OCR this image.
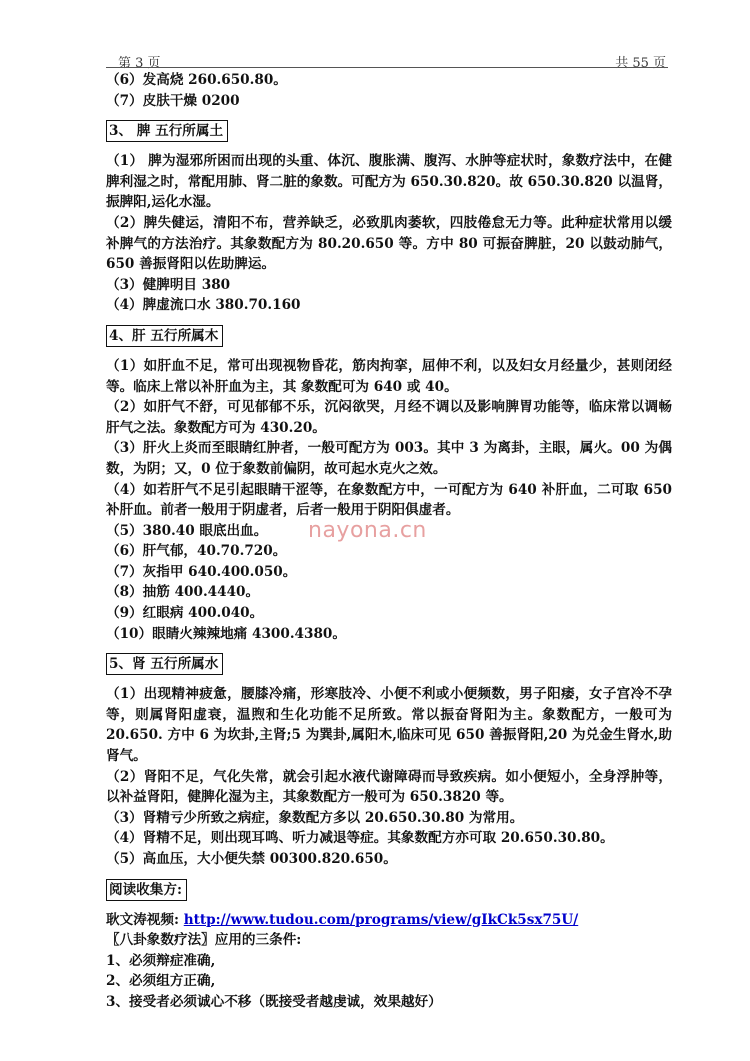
第 3 页	共 55 页
（6）发高烧 260.650.80。
（7）皮肤干燥 0200
3、 脾 五行所属土
（1） 脾为湿邪所困而出现的头重、体沉、腹胀满、腹泻、水肿等症状时，象数疗法中，在健脾利湿之时，常配用肺、肾二脏的象数。可配方为 650.30.820。故 650.30.820 以温肾，振脾阳,运化水湿。
（2）脾失健运，清阳不布，营养缺乏，必致肌肉萎软，四肢倦怠无力等。此种症状常用以缓补脾气的方法治疗。其象数配方为 80.20.650 等。方中 80 可振奋脾脏，20 以鼓动肺气，650 善振肾阳以佐助脾运。
（3）健脾明目 380
（4）脾虚流口水 380.70.160
4、肝 五行所属木
（1）如肝血不足，常可出现视物昏花，筋肉拘挛，屈伸不利，以及妇女月经量少，甚则闭经等。临床上常以补肝血为主，其 象数配可为 640 或 40。
（2）如肝气不舒，可见郁郁不乐，沉闷欲哭，月经不调以及影响脾胃功能等，临床常以调畅肝气之法。象数配方可为 430.20。
（3）肝火上炎而至眼睛红肿者，一般可配方为 003。其中 3 为离卦，主眼，属火。00 为偶数，为阴；又，0 位于象数前偏阴，故可起水克火之效。
（4）如若肝气不足引起眼睛干涩等，在象数配方中，一可配方为 640 补肝血，二可取 650 补肝血。前者一般用于阴虚者，后者一般用于阴阳俱虚者。
（5）380.40 眼底出血。
（6）肝气郁，40.70.720。
（7）灰指甲 640.400.050。
（8）抽筋 400.4440。
（9）红眼病 400.040。
（10）眼睛火辣辣地痛 4300.4380。
5、肾 五行所属水
（1）出现精神疲惫，腰膝冷痛，形寒肢冷、小便不利或小便频数，男子阳痿，女子宫冷不孕等，则属肾阳虚衰，温煦和生化功能不足所致。常以振奋肾阳为主。象数配方，一般可为 20.650. 方中 6 为坎卦,主肾;5 为巽卦,属阳木,临床可见 650 善振肾阳,20 为兑金生肾水,助肾气。
（2）肾阳不足，气化失常，就会引起水液代谢障碍而导致疾病。如小便短小，全身浮肿等，以补益肾阳，健脾化湿为主，其象数配方一般可为 650.3820 等。
（3）肾精亏少所致之病症，象数配方多以 20.650.30.80 为常用。
（4）肾精不足，则出现耳鸣、听力减退等症。其象数配方亦可取 20.650.30.80。
（5）高血压，大小便失禁 00300.820.650。
阅读收集方:
耿文涛视频: http://www.tudou.com/programs/view/gIkCk5sx75U/
〖八卦象数疗法〗应用的三条件:
1、必须辩症准确,
2、必须组方正确,
3、接受者必须诚心不移（既接受者越虔诚，效果越好）
nayona.cn
